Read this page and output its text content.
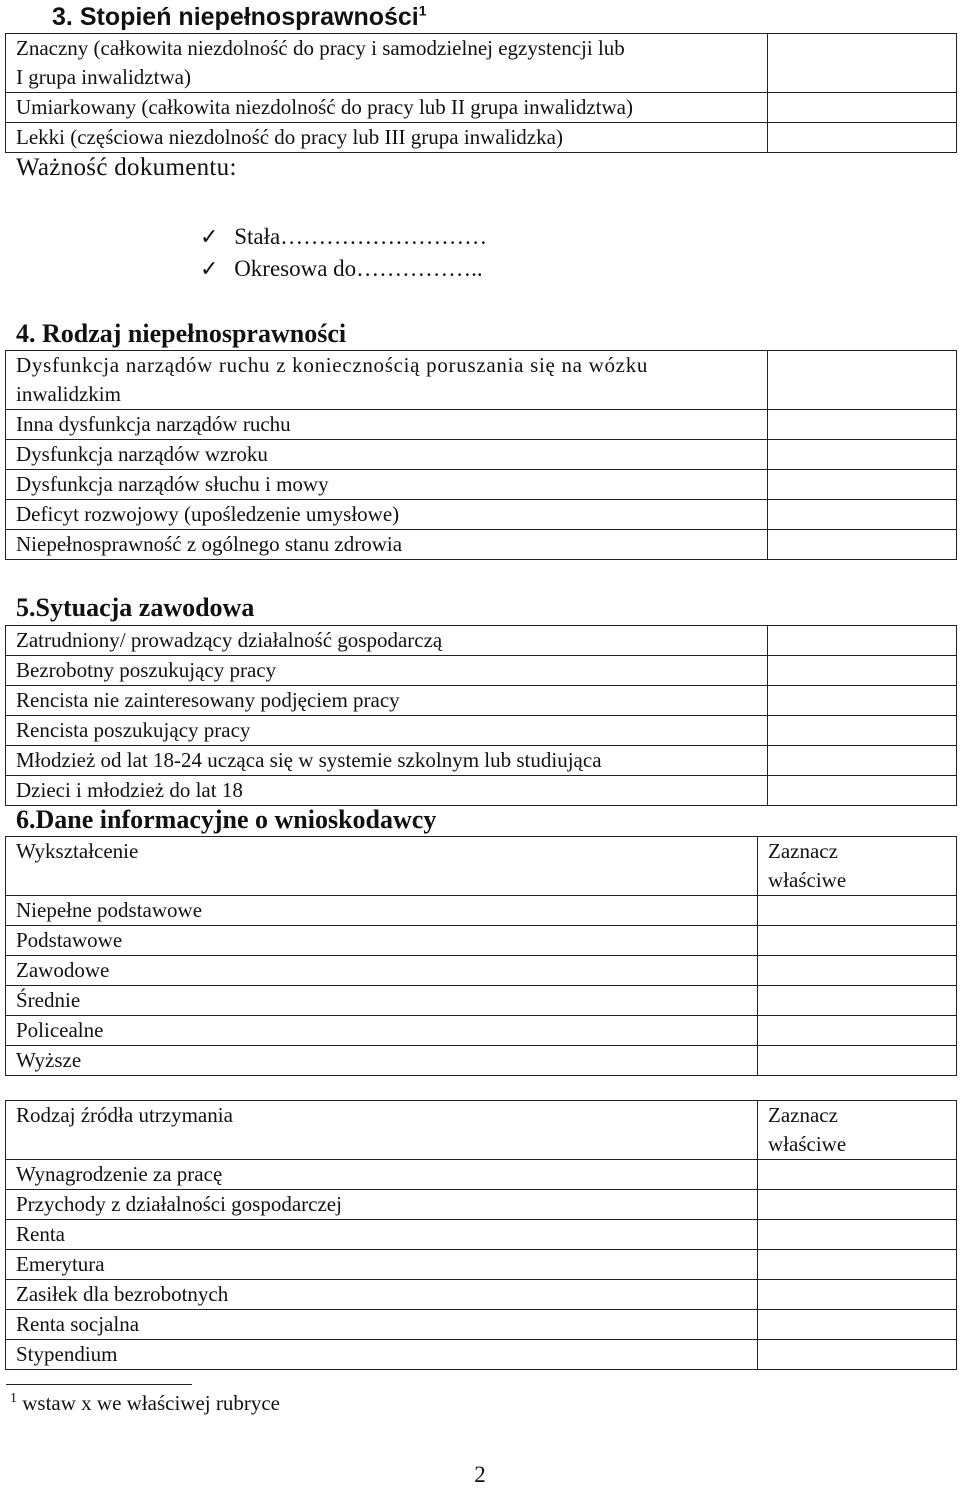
3. Stopień niepełnosprawności$^1$
Znaczny (całkowita niezdolność do pracy i samodzielnej egzystencji lub
I grupa inwalidztwa)	

Umiarkowany (całkowita niezdolność do pracy lub II grupa inwalidztwa)	
Lekki (częściowa niezdolność do pracy lub III grupa inwalidzka)	
Ważność dokumentu:
✓ Stała………………………
✓ Okresowa do……………..
4. Rodzaj niepełnosprawności
Dysfunkcja narządów ruchu z koniecznością poruszania się na wózku
inwalidzkim	

Inna dysfunkcja narządów ruchu	
Dysfunkcja narządów wzroku	
Dysfunkcja narządów słuchu i mowy	
Deficyt rozwojowy (upośledzenie umysłowe)	
Niepełnosprawność z ogólnego stanu zdrowia	
5.Sytuacja zawodowa
Zatrudniony/ prowadzący działalność gospodarczą	
Bezrobotny poszukujący pracy	
Rencista nie zainteresowany podjęciem pracy	
Rencista poszukujący pracy	
Młodzież od lat 18-24 ucząca się w systemie szkolnym lub studiująca	
Dzieci i młodzież do lat 18	
6.Dane informacyjne o wnioskodawcy
Wykształcenie	Zaznacz
właściwe

Niepełne podstawowe	
Podstawowe	
Zawodowe	
Średnie	
Policealne	
Wyższe	
Rodzaj źródła utrzymania	Zaznacz
właściwe

Wynagrodzenie za pracę	
Przychody z działalności gospodarczej	
Renta	
Emerytura	
Zasiłek dla bezrobotnych	
Renta socjalna	
Stypendium	
$^1$ wstaw x we właściwej rubryce
2
